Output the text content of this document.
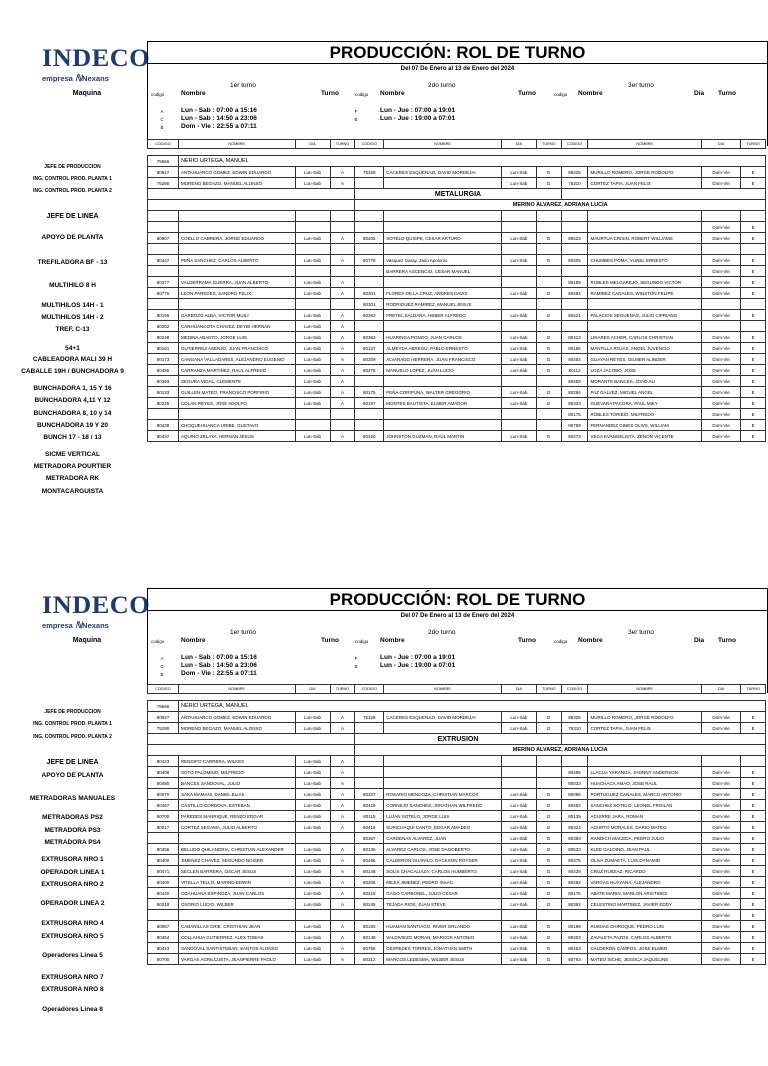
INDECO
empresa ℕNexans
Maquina
PRODUCCIÓN: ROL DE TURNO
Del 07 De Enero al 13 de Enero del 2024
1er turno
codigo	Nombre	Turno
A
C
B
Lun - Sab : 07:00 a 15:16
Lun - Sab : 14:50 a 23:06
Dom - Vie : 22:55 a 07:11
2do turno
codigo Nombre	Turno
F
B
Lun - Jue : 07:00 a 19:01
Lun - Jue : 19:00 a 07:01
3er turno
codigo Nombre	Dia Turno
JEFE DE PRODUCCION
ING. CONTROL PROD. PLANTA 1
ING. CONTROL PROD. PLANTA 2
JEFE DE LINEA
APOYO DE PLANTA
TREFILADORA BF - 13
MULTIHILO 8 H
MULTIHILOS 14H - 1
MULTIHILOS 14H - 2
TREF. C-13
54+1
CABLEADORA MALI 39 H
CABALLE 19H / BUNCHADORA 9
BUNCHADORA 1, 15 Y 16
BUNCHADORA 4,11 Y 12
BUNCHADORA 8, 10 y 14
BUNCHADORA 19 Y 20
BUNCH 17 - 18 / 13
SICME VERTICAL
METRADORA POURTIER
METRADORA RK
MONTACARGUISTA
CODIGO	NOMBRE	DIA	TURNO	CODIGO	NOMBRE	DIA	TURNO	CODIGO	NOMBRE	DIA	TURNO

75666	NERIO URTEGA, MANUEL										
80927	ANTAHUARCO GOMEZ, EDWIN EDUARDO	Lun-Sab	A	75328	CACERES ESQUENAZI, DAVID MORDEJAI	Lun-Sab	D	85325	MURILLO ROMERO, JORGE RODOLFO	Dom-Vie	E
75290	MORENO BEGAZO, MANUEL ALONSO	Lun-Sab	A			Lun-Sab	D	75310	CORTEZ TAPIA, JUAN FELIX	Dom-Vie	E
				METALURGIA							
				MERINO ALVAREZ, ADRIANA LUCIA							

										Dom-Vie	E
80907	COELLO CABRERA, JORGE EDUARDO	Lun-Sab	A	80405	SOTELO QUISPE, CESAR ARTURO	Lun-Sab	D	86523	MAURTUA CRISIN, ROBERT WILLIAMS	Dom-Vie	E

80447	PEÑA SANCHEZ, CARLOS ALBERTO	Lun-Sab	A	80778	Vasquez Garay, Jairo Apolonio	Lun-Sab	D	80305	CHUMBES POMA, YUNEL ERNESTO	Dom-Vie	E
					BARRERA ASCENCIO, CESAR MANUEL					Dom-Vie	E
80377	VALDERRAMA GUERRA, JUAN ALBERTO	Lun-Sab	A					80189	ROBLES MELGAREJO, SEGUNDO VICTOR	Dom-Vie	E
80775	LEON PAREDES, SANDRO FELIX	Lun-Sab	A	80301	FLORES DE LA CRUZ, ANDRES DAVIS	Lun-Sab	D	80484	RAMIREZ CANALES, WINSTON FELIPE	Dom-Vie	E
				80301	RODRIGUEZ RAMIREZ, MANUEL JESUS						
80156	GARBOZO ALBA, VICTOR MUILI	Lun-Sab	A	80363	FRETEL SALDAÑA, HEBER ALFREDO	Lun-Sab	D	80421	PALACIOS SEGUENAS, JULIO CIPRIANO	Dom-Vie	E
80252	CARHUANCOTA CHAVEZ, DEYBI HERNAN	Lun-Sab	A								
80248	MEDINA ABANTO, JORGE LUIS	Lun-Sab	A	80363	HUARINGA PONGO, JUAN CARLOS	Lun-Sab	D	80413	LINARES ACHER, CARLOS CHRISTIAN	Dom-Vie	E
80161	GUTIERREZ ASENJO, JUAN FRANCISCO	Lun-Sab	A	80137	ALMEYDA ABREGU, PABLO ERNESTO	Lun-Sab	D	80196	MANTILLA ROJAS, ANGEL JUVENCIO	Dom-Vie	E
80173	CANGANA VALLADARES, ALEJANDRO EUGENIO	Lun-Sab	A	80309	ALVARADO HERRERA, JUAN FRANCISCO	Lun-Sab	D	80454	GUAYAN REYES, GILMER ALINDER	Dom-Vie	E
80485	CARRANZA MARTINEZ, RAUL ALFREDO	Lun-Sab	A	80278	MANUELO LOPEZ, JUAN LUCIO	Lun-Sab	D	80112	LOZA JACOBO, JOSE	Dom-Vie	E
80393	SEGURA VIDAL, CLEMENTE	Lun-Sab	A					80458	MORANTE BANCES, JOAO ALI	Dom-Vie	E
80133	GUILLEN MATEO, FRANCISCO PORFIRIO	Lun-Sab	A	80175	PEÑA CORIPUNA, WALTER GREGORIO	Lun-Sab	D	80294	PAZ GALVEZ, MIGUEL ANGEL	Dom-Vie	E
80225	COLAN REYES, JOSE ADOLFO	Lun-Sab	A	80197	MONTES BAUTISTA, ELMER AMADOR	Lun-Sab	D	80333	GUEVARA PACORA, PAUL MIKY	Dom-Vie	E
								80175	ROBLES TORIBIO, MILFREDO	Dom-Vie	E
80439	CHOQUEHUANCA URIBE, GUSTAVO							80759	FERNANDEZ GINES OLIVS, WILLIAM	Dom-Vie	E
80437	AQUINO ZELAYA, HERNAN JESUS	Lun-Sab	A	80320	JOHNSTON GUZMAN, RAUL MARTIN	Lun-Sab	D	80273	VEGA EVANGELISTA, ZENON VICENTE	Dom-Vie	E
INDECO
empresa ℕNexans
Maquina
PRODUCCIÓN: ROL DE TURNO
Del 07 De Enero al 13 de Enero del 2024
1er turno
codigo	Nombre	Turno
A
C
B
Lun - Sab : 07:00 a 15:16
Lun - Sab : 14:50 a 23:06
Dom - Vie : 22:55 a 07:11
2do turno
codigo Nombre	Turno
F
B
Lun - Jue : 07:00 a 19:01
Lun - Jue : 19:00 a 07:01
3er turno
codigo Nombre	Dia Turno
JEFE DE PRODUCCION
ING. CONTROL PROD. PLANTA 1
ING. CONTROL PROD. PLANTA 2
JEFE DE LINEA
APOYO DE PLANTA
METRADORAS MANUALES
METRADORAS PS2
METRADORA PS3
METRADORA PS4
EXTRUSORA NRO 1
OPERADOR LINEA 1
EXTRUSORA NRO 2
OPERADOR LINEA 2
EXTRUSORA NRO 4
EXTRUSORA NRO 5
Operadores Linea 5
EXTRUSORA NRO 7
EXTRUSORA NRO 8
Operadores Linea 8
CODIGO	NOMBRE	DIA	TURNO	CODIGO	NOMBRE	DIA	TURNO	CODIGO	NOMBRE	DIA	TURNO

75666	NERIO URTEGA, MANUEL										
80927	ANTAHUARCO GOMEZ, EDWIN EDUARDO	Lun-Sab	A	75328	CACERES ESQUENAZI, DAVID MORDEJAI	Lun-Sab	D	85325	MURILLO ROMERO, JORGE RODOLFO	Dom-Vie	E
75290	MORENO BEGAZO, MANUEL ALONSO	Lun-Sab	A			Lun-Sab	D	75310	CORTEZ TAPIA, JUAN FELIX	Dom-Vie	E
				EXTRUSION							
				MERINO ALVAREZ, ADRIANA LUCIA							
80423	RENGIFO CARRERA, WILKES	Lun-Sab	A								
80408	SOTO PALOMINO, MILFREDO	Lun-Sab	A					80495	LLACUA YARANGA, JHONNY ANDERSON	Dom-Vie	E
80480	BANCES SANDOVAL, JULIO	Lun-Sab	A					80033	HUACHACA AMAO, JOSE RAUL	Dom-Vie	E
80070	SAKA MAMANI, DANIEL ELIAS	Lun-Sab	A	80327	ROSARIO MENDOZA, CHRISTIAN MARCOS	Lun-Sab	D	80096	PORTUGUEZ CANALES, MARCO ANTONIO	Dom-Vie	E
80467	CASTILLO CORDOVA, ESTEBAN	Lun-Sab	A	80419	CORNEJO SANCHEZ, JONATHAN WILFREDO	Lun-Sab	D	80454	SANCHEZ SOTELO, LEONEL FROILAN	Dom-Vie	E
80700	PAREDES MANRIQUE, RENZO EDGAR	Lun-Sab	A	80115	LUJAN SOTELO, JORGE LUIS	Lun-Sab	D	80135	AGUIRRE JARA, ROMAN	Dom-Vie	E
80017	CORTEZ SEGAMA, JULIO ALBERTO	Lun-Sab	A	80418	SURICHAQUI CANTO, EDGAR AMADEO	Lun-Sab	D	80324	AGURTO MORALES, DARIO MATEO	Dom-Vie	E
				80367	CARDENAS ALVAREZ, JUAN	Lun-Sab	D	80393	RANDICH MACEDA, PEDRO JULIO	Dom-Vie	E
80456	BELLIDO QUILANDRIA, CHRISTIAN ALEXANDER	Lun-Sab	A	80136	ALVAREZ CARLOS, JOSE DAGOBERTO	Lun-Sab	D	80533	KLEE GALOINO, JEAN PAUL	Dom-Vie	E
80400	JIMENEZ CHAVEZ, SEGUNDO NOISER	Lun-Sab	A	80486	CALDERON GUANILO, DYCKSON ROYSER	Lun-Sab	D	80375	OLIVA ZUMAETA, LUIS DYNAMID	Dom-Vie	E
80471	SECLEN BARRERA, OSCAR JESUS	Lun-Sab	A	80148	SOLIS CHACALIAZA, CARLOS HUMBERTO	Lun-Sab	D	80429	CRUZ RUIDIAZ, RICARDO	Dom-Vie	E
80400	VITELLA TELLO, MARINO EDWIN	Lun-Sab	A	80205	MEJIA JIMENEZ, PEDRO ISAAC	Lun-Sab	D	80292	VARGAS HUAYANA, ALEJANDRO	Dom-Vie	E
80440	COAHUANA ESPINOZA, JUAN CARLOS	Lun-Sab	A	80218	GAGO CARBONEL, JULIO CESAR	Lun-Sab	D	80176	ABATE MARIN, MARLON ARISTIDES	Dom-Vie	E
80218	OSORIO LUCIO, WILBER	Lun-Sab	A	80245	TEJADA RIOS, JUAN STEVE	Lun-Sab	D	80392	CELESTINO MARTINEZ, JAVIER EDDY	Dom-Vie	E
										Dom-Vie	E
80057	CABANILLAS CRIE, CRISTHIAN JEAN	Lun-Sab	A	80193	HUAMAN SANTIAGO, RIVER ORLANDO	Lun-Sab	D	80198	RUIDIAS CHIROQUE, PEDRO LUIS	Dom-Vie	E
80464	COLLAHUA GUTIERREZ, ALEX TOBIAS	Lun-Sab	A	80148	VALDIVIEZO MORAN, MARCOS ANTONIO	Lun-Sab	D	80203	ZAVALETA PAZOS, CARLOS ALBERTO	Dom-Vie	E
80413	SANDOVAL SANTISTEBAN, SANTOS ALONSO	Lun-Sab	A	80765	CESPEDES TORRES, JONATHAN SMITH	Lun-Sab	D	80453	CALDERON CAMPOS, JOSE ELMER	Dom-Vie	E
80700	VARGAS AGRILCUETA, JEANPIERRE PAOLO	Lun-Sab	A	80312	MARCOS LEDESMA, WILBER JESUS	Lun-Sab	D	80763	MATEO SICHE, JESSICA JAQUELINE	Dom-Vie	E
